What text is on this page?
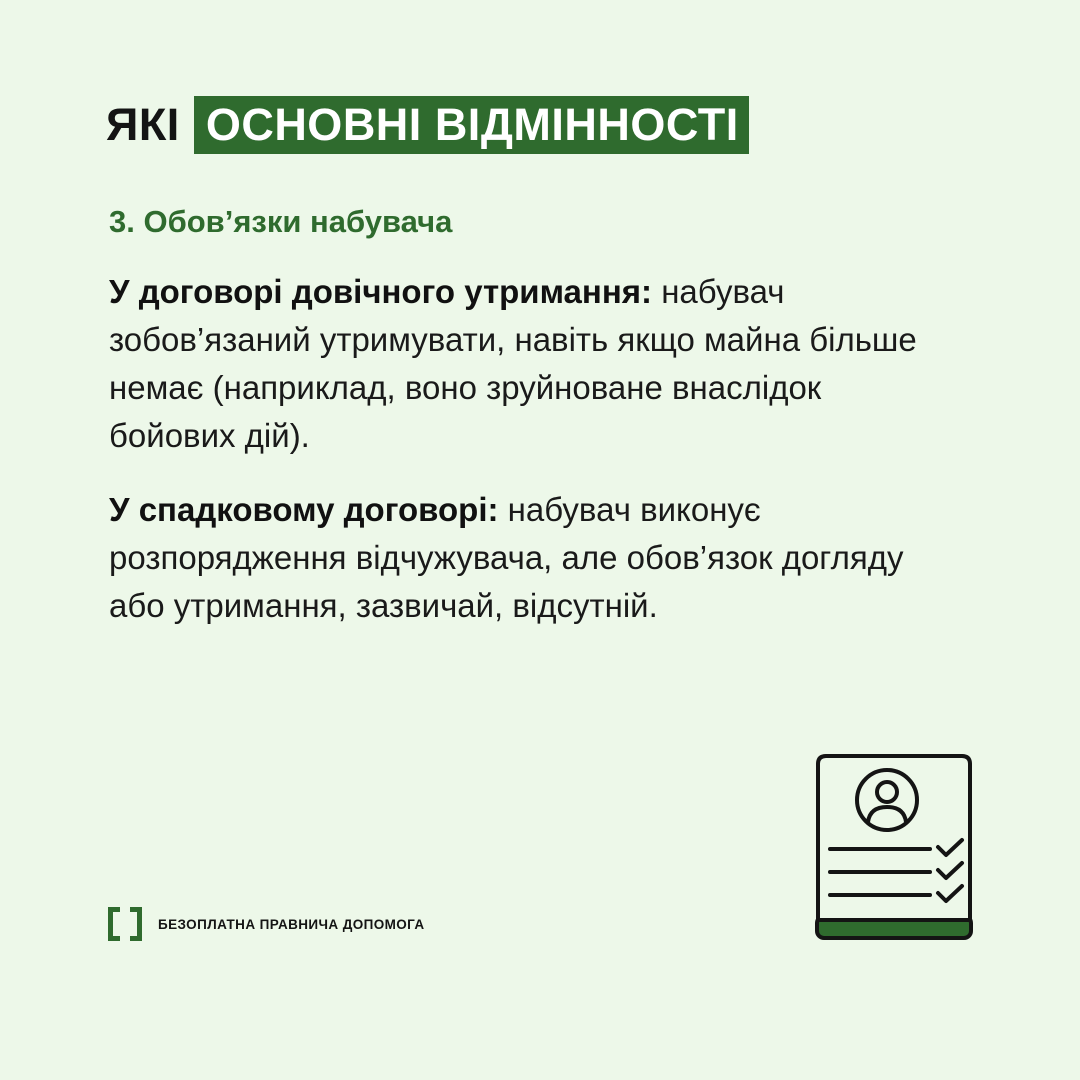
ЯКІ ОСНОВНІ ВІДМІННОСТІ
3. Обов’язки набувача

У договорі довічного утримання: набувач зобов’язаний утримувати, навіть якщо майна більше немає (наприклад, воно зруйноване внаслідок бойових дій).

У спадковому договорі: набувач виконує розпорядження відчужувача, але обов’язок догляду або утримання, зазвичай, відсутній.

БЕЗОПЛАТНА ПРАВНИЧА ДОПОМОГА
